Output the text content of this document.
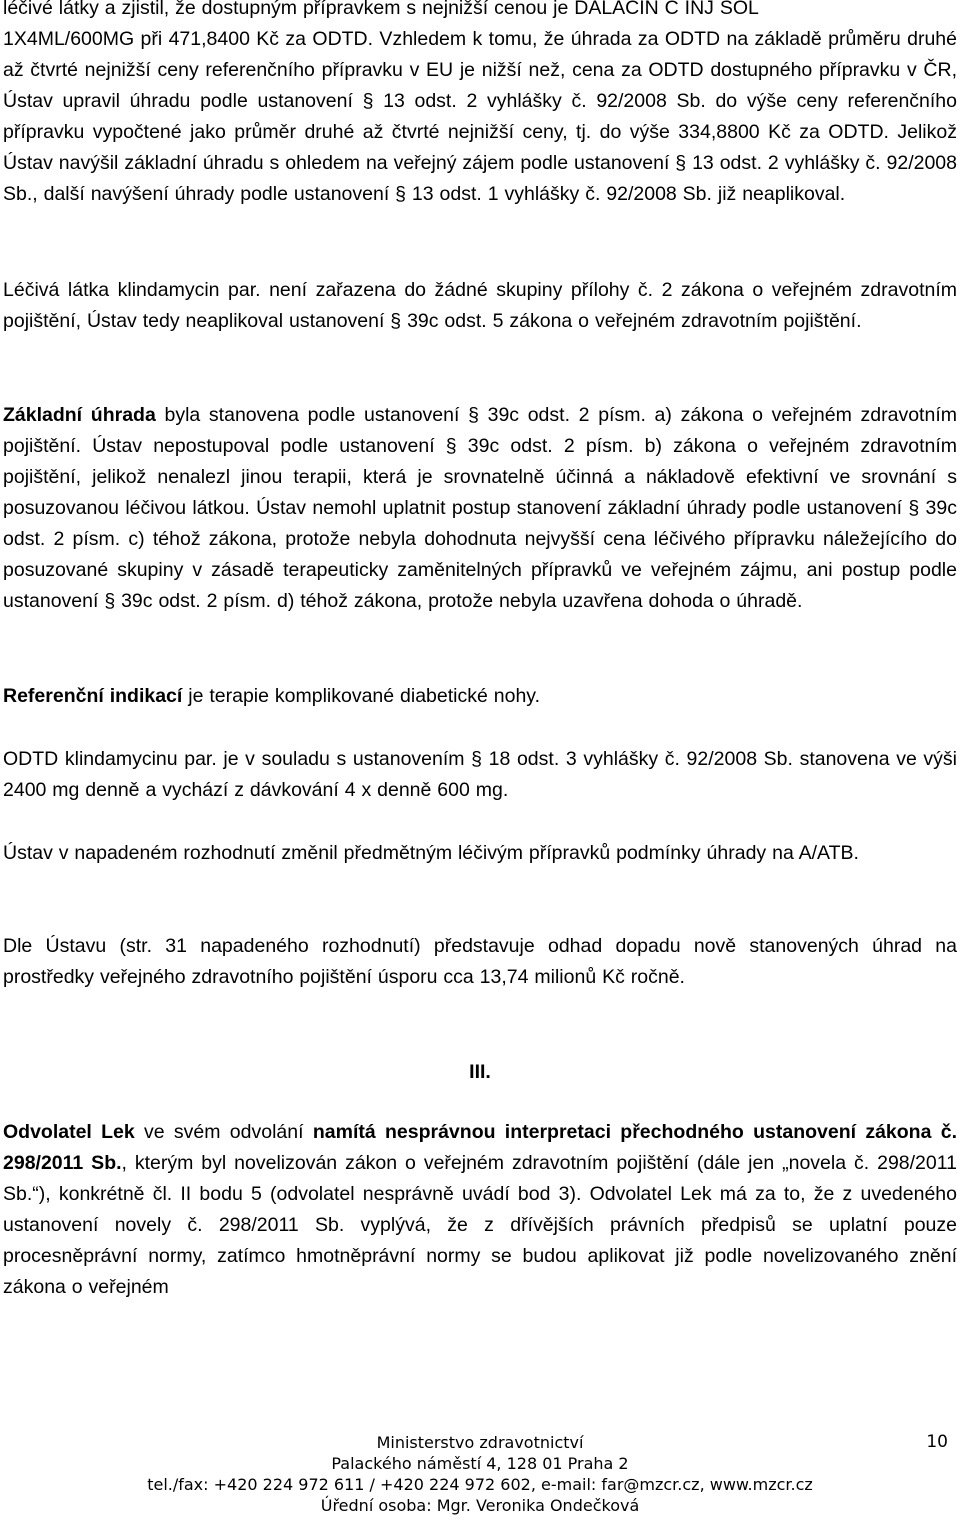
léčivé látky a zjistil, že dostupným přípravkem s nejnižší cenou je DALACIN C INJ SOL

1X4ML/600MG při 471,8400 Kč za ODTD. Vzhledem k tomu, že úhrada za ODTD na základě průměru druhé až čtvrté nejnižší ceny referenčního přípravku v EU je nižší než, cena za ODTD dostupného přípravku v ČR, Ústav upravil úhradu podle ustanovení § 13 odst. 2 vyhlášky č. 92/2008 Sb. do výše ceny referenčního přípravku vypočtené jako průměr druhé až čtvrté nejnižší ceny, tj. do výše 334,8800 Kč za ODTD. Jelikož Ústav navýšil základní úhradu s ohledem na veřejný zájem podle ustanovení § 13 odst. 2 vyhlášky č. 92/2008 Sb., další navýšení úhrady podle ustanovení § 13 odst. 1 vyhlášky č. 92/2008 Sb. již neaplikoval.

Léčivá látka klindamycin par. není zařazena do žádné skupiny přílohy č. 2 zákona o veřejném zdravotním pojištění, Ústav tedy neaplikoval ustanovení § 39c odst. 5 zákona o veřejném zdravotním pojištění.

Základní úhrada byla stanovena podle ustanovení § 39c odst. 2 písm. a) zákona o veřejném zdravotním pojištění. Ústav nepostupoval podle ustanovení § 39c odst. 2 písm. b) zákona o veřejném zdravotním pojištění, jelikož nenalezl jinou terapii, která je srovnatelně účinná a nákladově efektivní ve srovnání s posuzovanou léčivou látkou. Ústav nemohl uplatnit postup stanovení základní úhrady podle ustanovení § 39c odst. 2 písm. c) téhož zákona, protože nebyla dohodnuta nejvyšší cena léčivého přípravku náležejícího do posuzované skupiny v zásadě terapeuticky zaměnitelných přípravků ve veřejném zájmu, ani postup podle ustanovení § 39c odst. 2 písm. d) téhož zákona, protože nebyla uzavřena dohoda o úhradě.

Referenční indikací je terapie komplikované diabetické nohy.

ODTD klindamycinu par. je v souladu s ustanovením § 18 odst. 3 vyhlášky č. 92/2008 Sb. stanovena ve výši 2400 mg denně a vychází z dávkování 4 x denně 600 mg.

Ústav v napadeném rozhodnutí změnil předmětným léčivým přípravků podmínky úhrady na A/ATB.

Dle Ústavu (str. 31 napadeného rozhodnutí) představuje odhad dopadu nově stanovených úhrad na prostředky veřejného zdravotního pojištění úsporu cca 13,74 milionů Kč ročně.

III.

Odvolatel Lek ve svém odvolání namítá nesprávnou interpretaci přechodného ustanovení zákona č. 298/2011 Sb., kterým byl novelizován zákon o veřejném zdravotním pojištění (dále jen „novela č. 298/2011 Sb.“), konkrétně čl. II bodu 5 (odvolatel nesprávně uvádí bod 3). Odvolatel Lek má za to, že z uvedeného ustanovení novely č. 298/2011 Sb. vyplývá, že z dřívějších právních předpisů se uplatní pouze procesněprávní normy, zatímco hmotněprávní normy se budou aplikovat již podle novelizovaného znění zákona o veřejném

Ministerstvo zdravotnictví
Palackého náměstí 4, 128 01 Praha 2
tel./fax: +420 224 972 611 / +420 224 972 602, e-mail: far@mzcr.cz, www.mzcr.cz
Úřední osoba: Mgr. Veronika Ondečková
10
